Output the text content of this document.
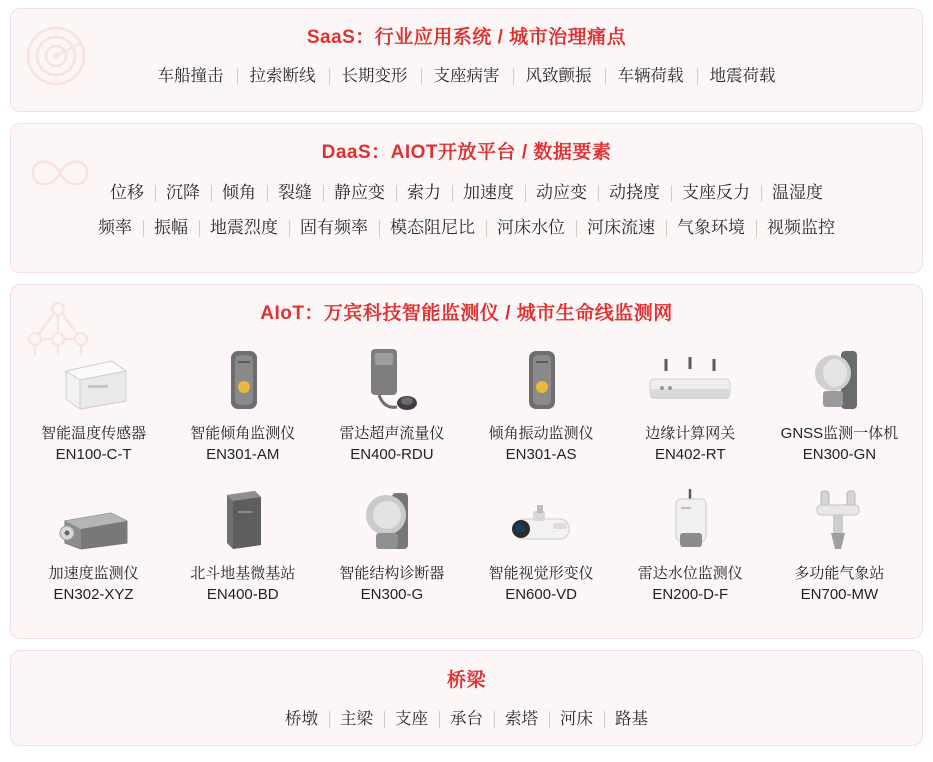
SaaS：行业应用系统 / 城市治理痛点
车船撞击	拉索断线	长期变形	支座病害	风致颤振	车辆荷载	地震荷载
DaaS：AIOT开放平台 / 数据要素
位移	沉降	倾角	裂缝	静应变	索力	加速度	动应变	动挠度	支座反力	温湿度
频率	振幅	地震烈度	固有频率	模态阻尼比	河床水位	河床流速	气象环境	视频监控
AIoT：万宾科技智能监测仪 / 城市生命线监测网
智能温度传感器
EN100-C-T
智能倾角监测仪
EN301-AM
雷达超声流量仪
EN400-RDU
倾角振动监测仪
EN301-AS
边缘计算网关
EN402-RT
GNSS监测一体机
EN300-GN
加速度监测仪
EN302-XYZ
北斗地基微基站
EN400-BD
智能结构诊断器
EN300-G
智能视觉形变仪
EN600-VD
雷达水位监测仪
EN200-D-F
多功能气象站
EN700-MW
桥梁
桥墩	主梁	支座	承台	索塔	河床	路基
